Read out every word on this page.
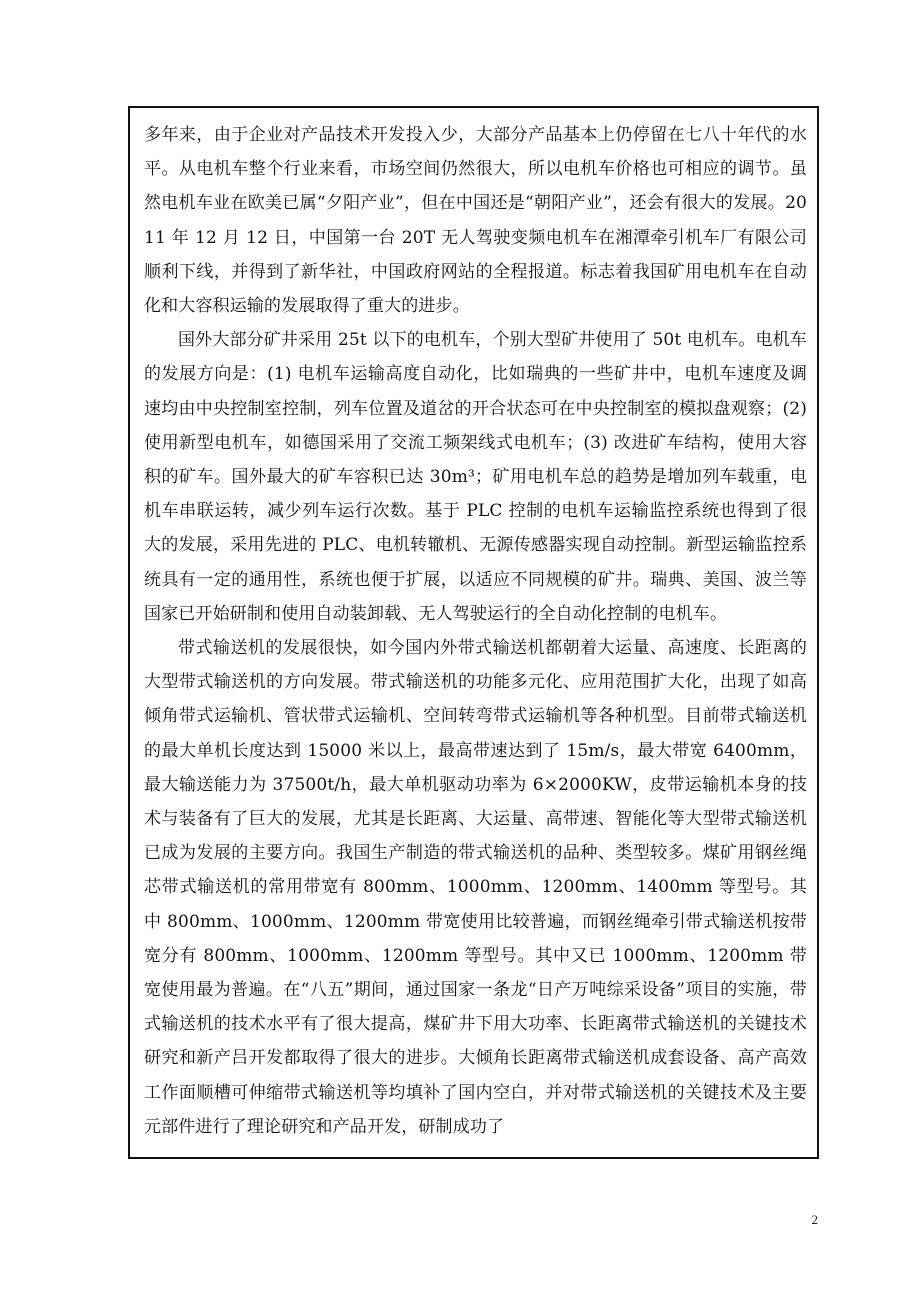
多年来，由于企业对产品技术开发投入少，大部分产品基本上仍停留在七八十年代的水平。从电机车整个行业来看，市场空间仍然很大，所以电机车价格也可相应的调节。虽然电机车业在欧美已属“夕阳产业”，但在中国还是“朝阳产业”，还会有很大的发展。2011 年 12 月 12 日，中国第一台 20T 无人驾驶变频电机车在湘潭牵引机车厂有限公司顺利下线，并得到了新华社，中国政府网站的全程报道。标志着我国矿用电机车在自动化和大容积运输的发展取得了重大的进步。

国外大部分矿井采用 25t 以下的电机车，个别大型矿井使用了 50t 电机车。电机车的发展方向是：(1) 电机车运输高度自动化，比如瑞典的一些矿井中，电机车速度及调速均由中央控制室控制，列车位置及道岔的开合状态可在中央控制室的模拟盘观察；(2) 使用新型电机车，如德国采用了交流工频架线式电机车；(3) 改进矿车结构，使用大容积的矿车。国外最大的矿车容积已达 30m³；矿用电机车总的趋势是增加列车载重，电机车串联运转，减少列车运行次数。基于 PLC 控制的电机车运输监控系统也得到了很大的发展，采用先进的 PLC、电机转辙机、无源传感器实现自动控制。新型运输监控系统具有一定的通用性，系统也便于扩展，以适应不同规模的矿井。瑞典、美国、波兰等国家已开始研制和使用自动装卸载、无人驾驶运行的全自动化控制的电机车。

带式输送机的发展很快，如今国内外带式输送机都朝着大运量、高速度、长距离的大型带式输送机的方向发展。带式输送机的功能多元化、应用范围扩大化，出现了如高倾角带式运输机、管状带式运输机、空间转弯带式运输机等各种机型。目前带式输送机的最大单机长度达到 15000 米以上，最高带速达到了 15m/s，最大带宽 6400mm，最大输送能力为 37500t/h，最大单机驱动功率为 6×2000KW，皮带运输机本身的技术与装备有了巨大的发展，尤其是长距离、大运量、高带速、智能化等大型带式输送机已成为发展的主要方向。我国生产制造的带式输送机的品种、类型较多。煤矿用钢丝绳芯带式输送机的常用带宽有 800mm、1000mm、1200mm、1400mm 等型号。其中 800mm、1000mm、1200mm 带宽使用比较普遍，而钢丝绳牵引带式输送机按带宽分有 800mm、1000mm、1200mm 等型号。其中又已 1000mm、1200mm 带宽使用最为普遍。在“八五”期间，通过国家一条龙“日产万吨综采设备”项目的实施，带式输送机的技术水平有了很大提高，煤矿井下用大功率、长距离带式输送机的关键技术研究和新产吕开发都取得了很大的进步。大倾角长距离带式输送机成套设备、高产高效工作面顺槽可伸缩带式输送机等均填补了国内空白，并对带式输送机的关键技术及主要元部件进行了理论研究和产品开发，研制成功了

2
